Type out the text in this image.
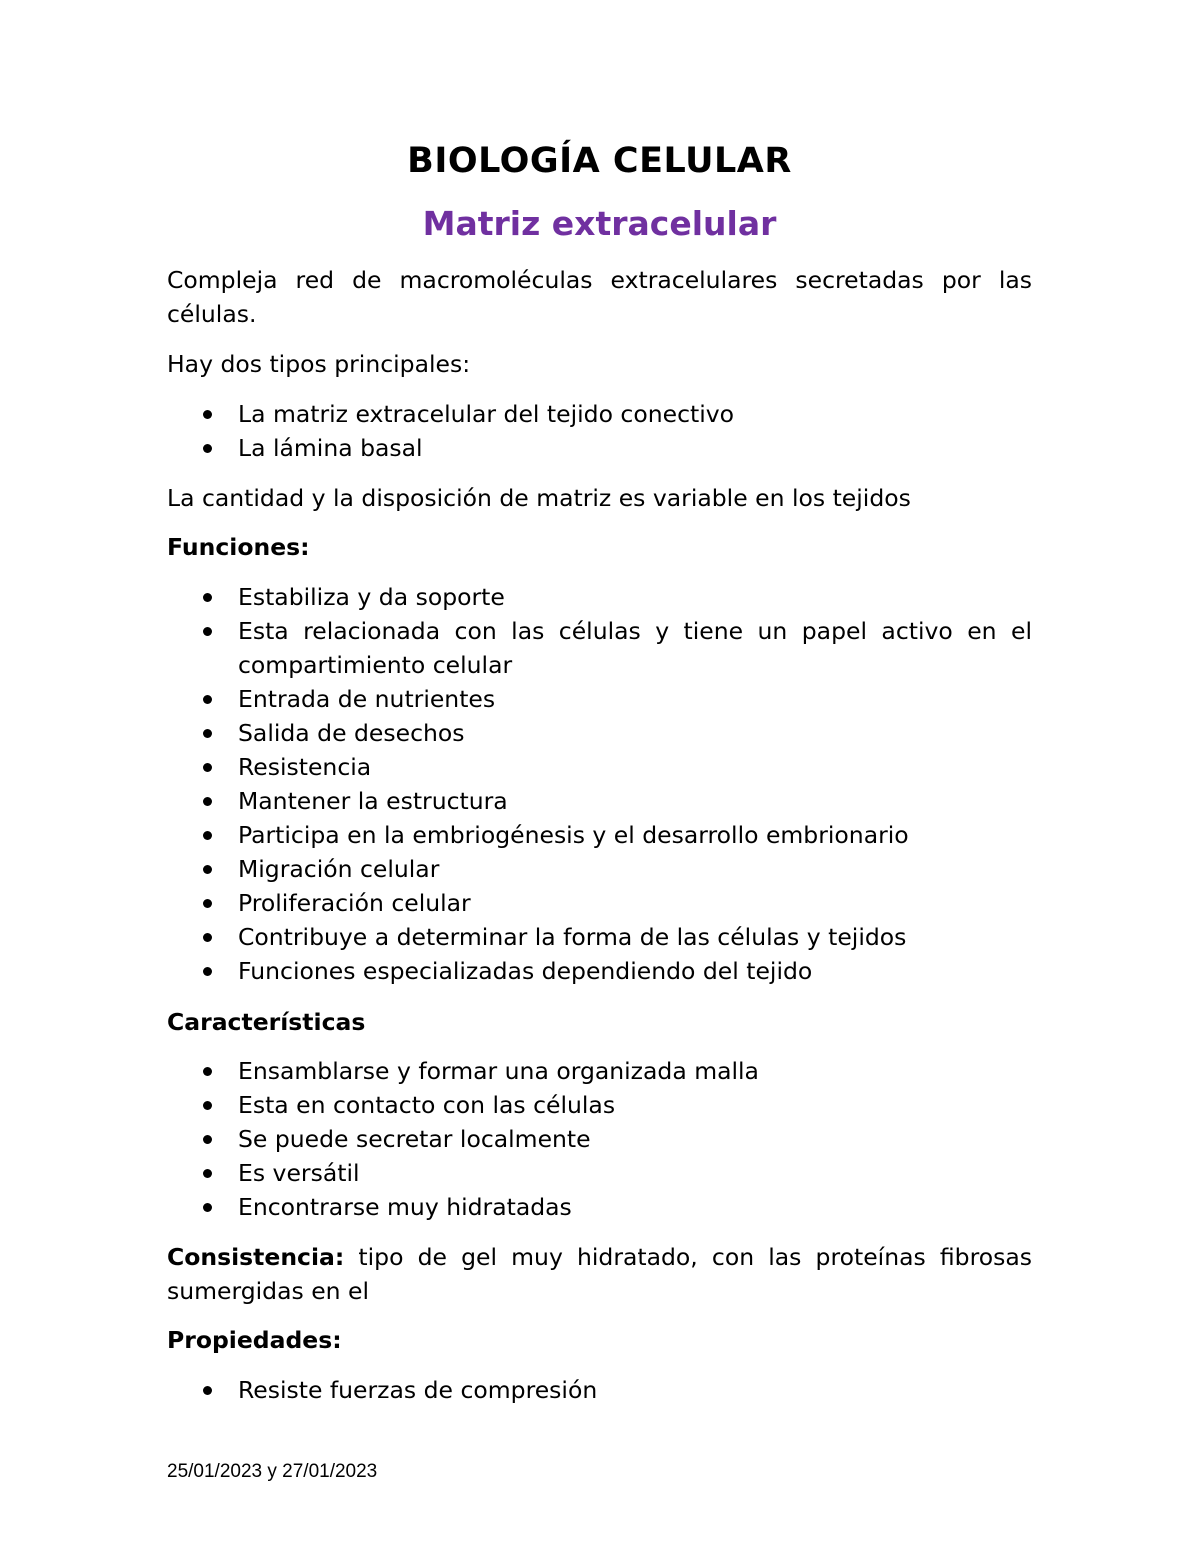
BIOLOGÍA CELULAR
Matriz extracelular
Compleja red de macromoléculas extracelulares secretadas por las células.
Hay dos tipos principales:
La matriz extracelular del tejido conectivo
La lámina basal
La cantidad y la disposición de matriz es variable en los tejidos
Funciones:
Estabiliza y da soporte
Esta relacionada con las células y tiene un papel activo en el compartimiento celular
Entrada de nutrientes
Salida de desechos
Resistencia
Mantener la estructura
Participa en la embriogénesis y el desarrollo embrionario
Migración celular
Proliferación celular
Contribuye a determinar la forma de las células y tejidos
Funciones especializadas dependiendo del tejido
Características
Ensamblarse y formar una organizada malla
Esta en contacto con las células
Se puede secretar localmente
Es versátil
Encontrarse muy hidratadas
Consistencia: tipo de gel muy hidratado, con las proteínas fibrosas sumergidas en el
Propiedades:
Resiste fuerzas de compresión
25/01/2023 y 27/01/2023
